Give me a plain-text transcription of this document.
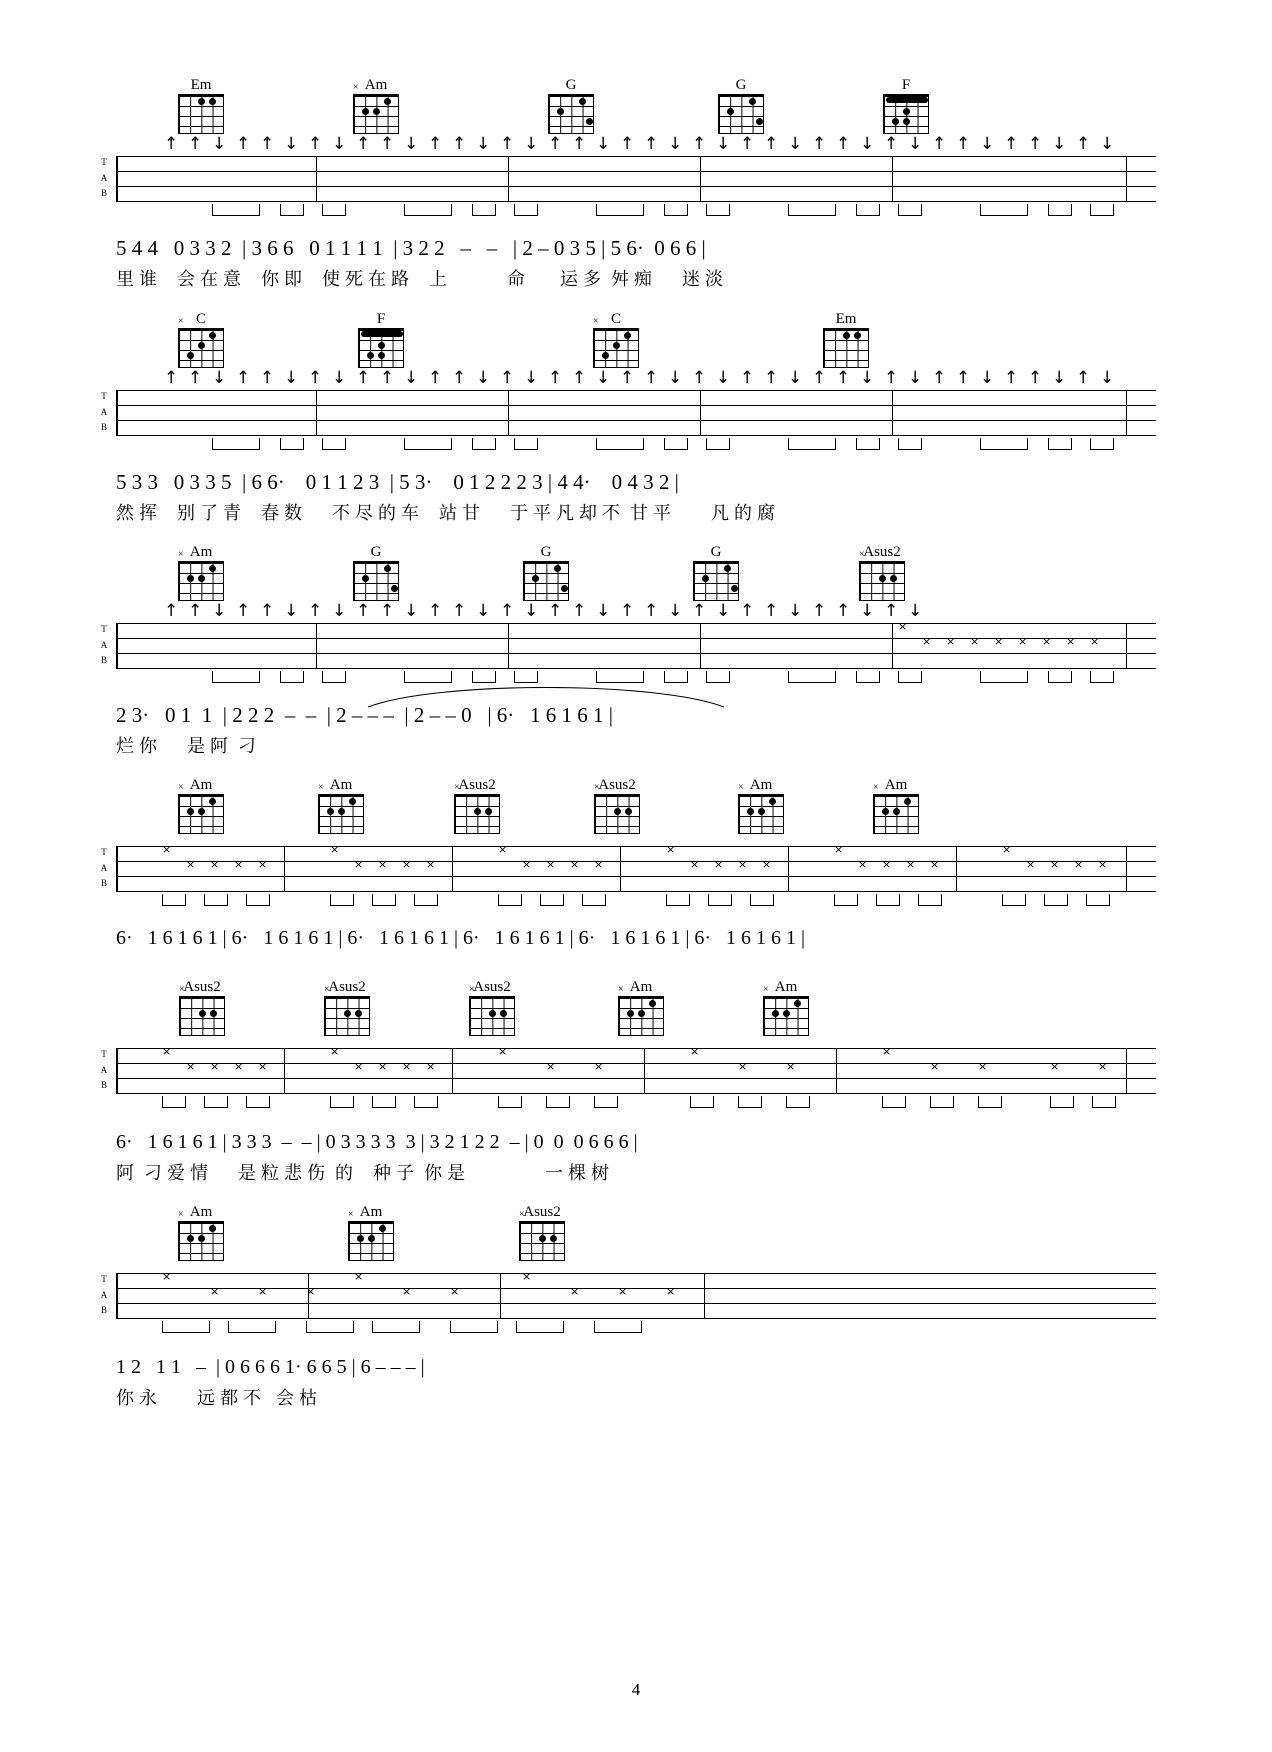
Em
	Am
×	G	G	F
↑ ↑ ↓ ↑ ↑ ↓ ↑ ↓ ↑ ↑ ↓ ↑ ↑ ↓ ↑ ↓ ↑ ↑ ↓ ↑ ↑ ↓ ↑ ↓ ↑ ↑ ↓ ↑ ↑ ↓ ↑ ↓ ↑ ↑ ↓ ↑ ↑ ↓ ↑ ↓
T
A
B
5 4 4   0 3 3 2  | 3 6 6   0 1 1 1 1  | 3 2 2   –   –   | 2 – 0 3 5 | 5 6·  0 6 6 |
里 谁    会 在 意    你 即    使 死 在 路    上            命       运 多  舛 痴      迷 淡
C
×	F	C
×	Em
↑ ↑ ↓ ↑ ↑ ↓ ↑ ↓ ↑ ↑ ↓ ↑ ↑ ↓ ↑ ↓ ↑ ↑ ↓ ↑ ↑ ↓ ↑ ↓ ↑ ↑ ↓ ↑ ↑ ↓ ↑ ↓ ↑ ↑ ↓ ↑ ↑ ↓ ↑ ↓
T
A
B
5 3 3   0 3 3 5  | 6 6·    0 1 1 2 3  | 5 3·    0 1 2 2 2 3 | 4 4·    0 4 3 2 |
然 挥    别 了 青    春 数      不 尽 的 车    站 甘      于 平 凡 却 不  甘 平        凡 的 腐
Am
×	G	G	G	Asus2
×
↑ ↑ ↓ ↑ ↑ ↓ ↑ ↓ ↑ ↑ ↓ ↑ ↑ ↓ ↑ ↓ ↑ ↑ ↓ ↑ ↑ ↓ ↑ ↓ ↑ ↑ ↓ ↑ ↑ ↓ ↑ ↓
T
A
B
×
× × × × × × × ×
2 3·   0 1  1  | 2 2 2  –  –  | 2 – – –  | 2 – – 0   | 6·   1 6 1 6 1 |
烂 你      是 阿  刁
Am
×	Am
×	Asus2
×	Asus2
×	Am
×	Am
×
T
A
B
×
× × × ×
×
× × × ×
×
× × × ×
×
× × × ×
×
× × × ×
×
× × × ×
6·   1 6 1 6 1 | 6·   1 6 1 6 1 | 6·   1 6 1 6 1 | 6·   1 6 1 6 1 | 6·   1 6 1 6 1 | 6·   1 6 1 6 1 |
Asus2
×	Asus2
×	Asus2
×	Am
×	Am
×
T
A
B
×
× × × ×
×
× × × ×
×
×	×
×
×	×
×
×	×	×	×
6·   1 6 1 6 1 | 3 3 3  –  – | 0 3 3 3 3  3 | 3 2 1 2 2  – | 0  0  0 6 6 6 |
阿  刁 爱 情      是 粒 悲 伤  的    种 子  你 是                一 棵 树
Am
×	Am
×	Asus2
×
T
A
B
×
×	×	×
×
×	×
×
×	×	×
1 2   1 1   –  | 0 6 6 6 1· 6 6 5 | 6 – – – |
你 永        远 都 不   会 枯
4
